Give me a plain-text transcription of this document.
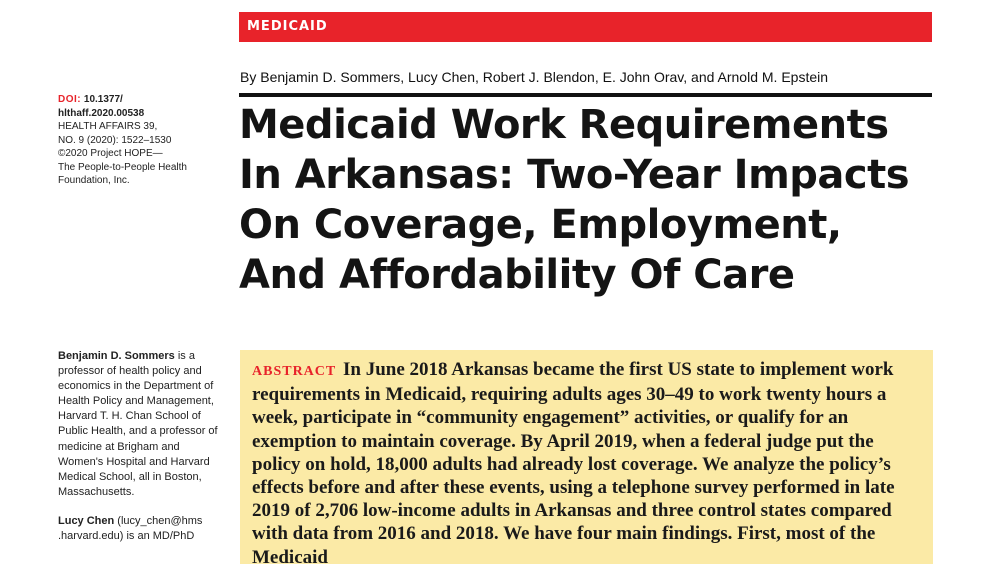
MEDICAID
By Benjamin D. Sommers, Lucy Chen, Robert J. Blendon, E. John Orav, and Arnold M. Epstein
Medicaid Work Requirements In Arkansas: Two-Year Impacts On Coverage, Employment, And Affordability Of Care
DOI: 10.1377/
hlthaff.2020.00538
HEALTH AFFAIRS 39,
NO. 9 (2020): 1522–1530
©2020 Project HOPE—
The People-to-People Health
Foundation, Inc.

Benjamin D. Sommers is a professor of health policy and economics in the Department of Health Policy and Management, Harvard T. H. Chan School of Public Health, and a professor of medicine at Brigham and Women's Hospital and Harvard Medical School, all in Boston, Massachusetts.

Lucy Chen (lucy_chen@hms .harvard.edu) is an MD/PhD

ABSTRACT In June 2018 Arkansas became the first US state to implement work requirements in Medicaid, requiring adults ages 30–49 to work twenty hours a week, participate in “community engagement” activities, or qualify for an exemption to maintain coverage. By April 2019, when a federal judge put the policy on hold, 18,000 adults had already lost coverage. We analyze the policy’s effects before and after these events, using a telephone survey performed in late 2019 of 2,706 low-income adults in Arkansas and three control states compared with data from 2016 and 2018. We have four main findings. First, most of the Medicaid
